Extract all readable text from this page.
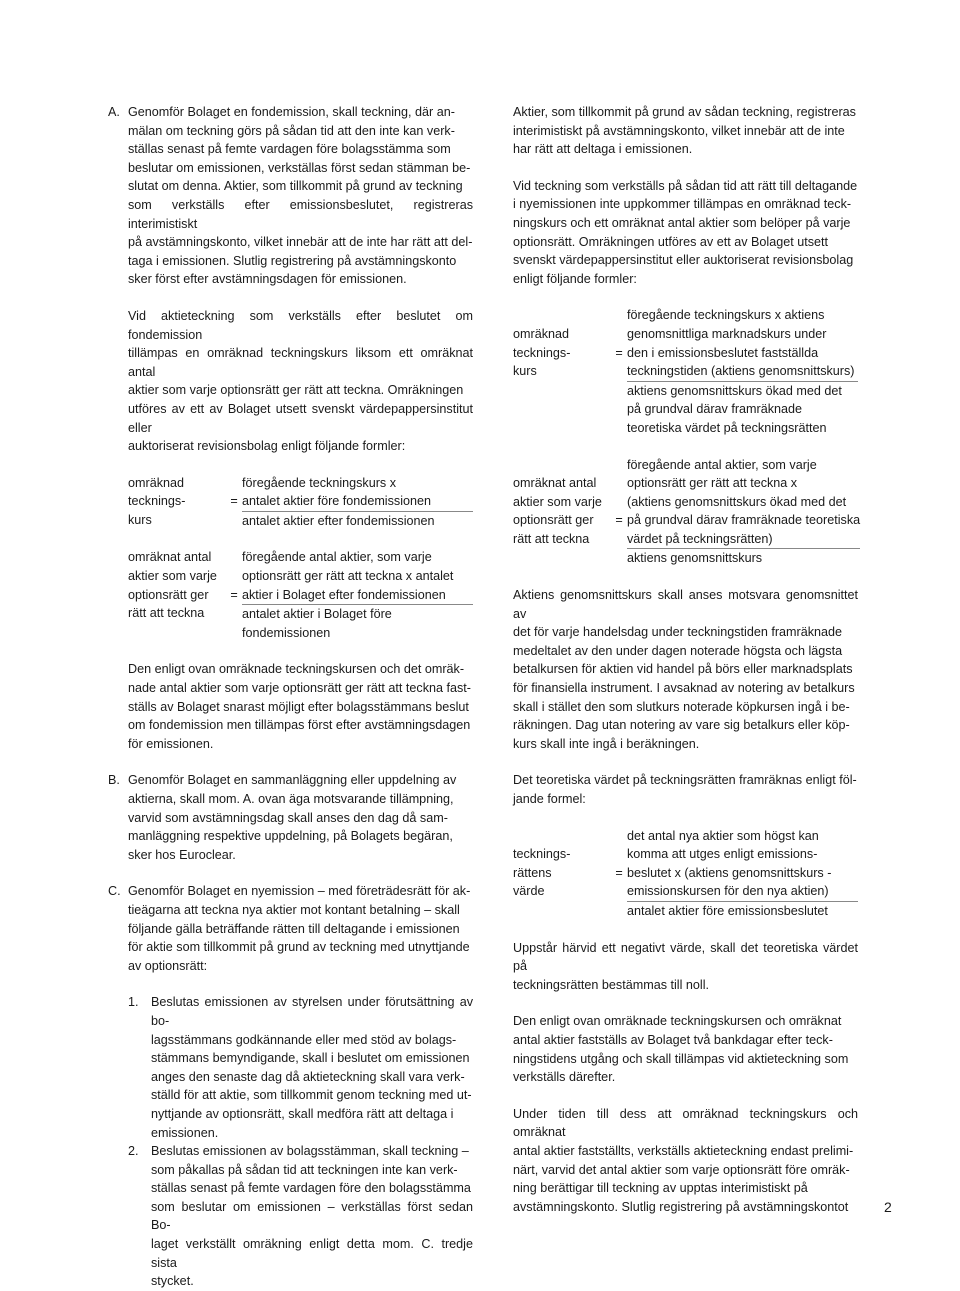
A. Genomför Bolaget en fondemission, skall teckning, där an-
mälan om teckning görs på sådan tid att den inte kan verk-
ställas senast på femte vardagen före bolagsstämma som
beslutar om emissionen, verkställas först sedan stämman be-
slutat om denna. Aktier, som tillkommit på grund av teckning
som verkställs efter emissionsbeslutet, registreras interimistiskt
på avstämningskonto, vilket innebär att de inte har rätt att del-
taga i emissionen. Slutlig registrering på avstämningskonto
sker först efter avstämningsdagen för emissionen.

Vid aktieteckning som verkställs efter beslutet om fondemission
tillämpas en omräknad teckningskurs liksom ett omräknat antal
aktier som varje optionsrätt ger rätt att teckna. Omräkningen
utföres av ett av Bolaget utsett svenskt värdepappersinstitut eller
auktoriserat revisionsbolag enligt följande formler:

omräknad
tecknings-
kurs
=
föregående teckningskurs x
antalet aktier före fondemissionen
antalet aktier efter fondemissionen
omräknat antal
aktier som varje
optionsrätt ger
rätt att teckna
=
föregående antal aktier, som varje
optionsrätt ger rätt att teckna x antalet
aktier i Bolaget efter fondemissionen
antalet aktier i Bolaget före
fondemissionen

Den enligt ovan omräknade teckningskursen och det omräk-
nade antal aktier som varje optionsrätt ger rätt att teckna fast-
ställs av Bolaget snarast möjligt efter bolagsstämmans beslut
om fondemission men tillämpas först efter avstämningsdagen
för emissionen.

B. Genomför Bolaget en sammanläggning eller uppdelning av
aktierna, skall mom. A. ovan äga motsvarande tillämpning,
varvid som avstämningsdag skall anses den dag då sam-
manläggning respektive uppdelning, på Bolagets begäran,
sker hos Euroclear.

C. Genomför Bolaget en nyemission – med företrädesrätt för ak-
tieägarna att teckna nya aktier mot kontant betalning – skall
följande gälla beträffande rätten till deltagande i emissionen
för aktie som tillkommit på grund av teckning med utnyttjande
av optionsrätt:

1. Beslutas emissionen av styrelsen under förutsättning av bo-
lagsstämmans godkännande eller med stöd av bolags-
stämmans bemyndigande, skall i beslutet om emissionen
anges den senaste dag då aktieteckning skall vara verk-
ställd för att aktie, som tillkommit genom teckning med ut-
nyttjande av optionsrätt, skall medföra rätt att deltaga i
emissionen.

2. Beslutas emissionen av bolagsstämman, skall teckning –
som påkallas på sådan tid att teckningen inte kan verk-
ställas senast på femte vardagen före den bolagsstämma
som beslutar om emissionen – verkställas först sedan Bo-
laget verkställt omräkning enligt detta mom. C. tredje sista
stycket.

Aktier, som tillkommit på grund av sådan teckning, registreras
interimistiskt på avstämningskonto, vilket innebär att de inte
har rätt att deltaga i emissionen.

Vid teckning som verkställs på sådan tid att rätt till deltagande
i nyemissionen inte uppkommer tillämpas en omräknad teck-
ningskurs och ett omräknat antal aktier som belöper på varje
optionsrätt. Omräkningen utföres av ett av Bolaget utsett
svenskt värdepappersinstitut eller auktoriserat revisionsbolag
enligt följande formler:

omräknad
tecknings-
kurs
=
föregående teckningskurs x aktiens
genomsnittliga marknadskurs under
den i emissionsbeslutet fastställda
teckningstiden (aktiens genomsnittskurs)
aktiens genomsnittskurs ökad med det
på grundval därav framräknade
teoretiska värdet på teckningsrätten
omräknat antal
aktier som varje
optionsrätt ger
rätt att teckna
=
föregående antal aktier, som varje
optionsrätt ger rätt att teckna x
(aktiens genomsnittskurs ökad med det
på grundval därav framräknade teoretiska
värdet på teckningsrätten)
aktiens genomsnittskurs

Aktiens genomsnittskurs skall anses motsvara genomsnittet av
det för varje handelsdag under teckningstiden framräknade
medeltalet av den under dagen noterade högsta och lägsta
betalkursen för aktien vid handel på börs eller marknadsplats
för finansiella instrument. I avsaknad av notering av betalkurs
skall i stället den som slutkurs noterade köpkursen ingå i be-
räkningen. Dag utan notering av vare sig betalkurs eller köp-
kurs skall inte ingå i beräkningen.

Det teoretiska värdet på teckningsrätten framräknas enligt föl-
jande formel:

tecknings-
rättens
värde
=
det antal nya aktier som högst kan
komma att utges enligt emissions-
beslutet x (aktiens genomsnittskurs -
emissionskursen för den nya aktien)
antalet aktier före emissionsbeslutet

Uppstår härvid ett negativt värde, skall det teoretiska värdet på
teckningsrätten bestämmas till noll.

Den enligt ovan omräknade teckningskursen och omräknat
antal aktier fastställs av Bolaget två bankdagar efter teck-
ningstidens utgång och skall tillämpas vid aktieteckning som
verkställs därefter.

Under tiden till dess att omräknad teckningskurs och omräknat
antal aktier fastställts, verkställs aktieteckning endast prelimi-
närt, varvid det antal aktier som varje optionsrätt före omräk-
ning berättigar till teckning av upptas interimistiskt på
avstämningskonto. Slutlig registrering på avstämningskontot	2
